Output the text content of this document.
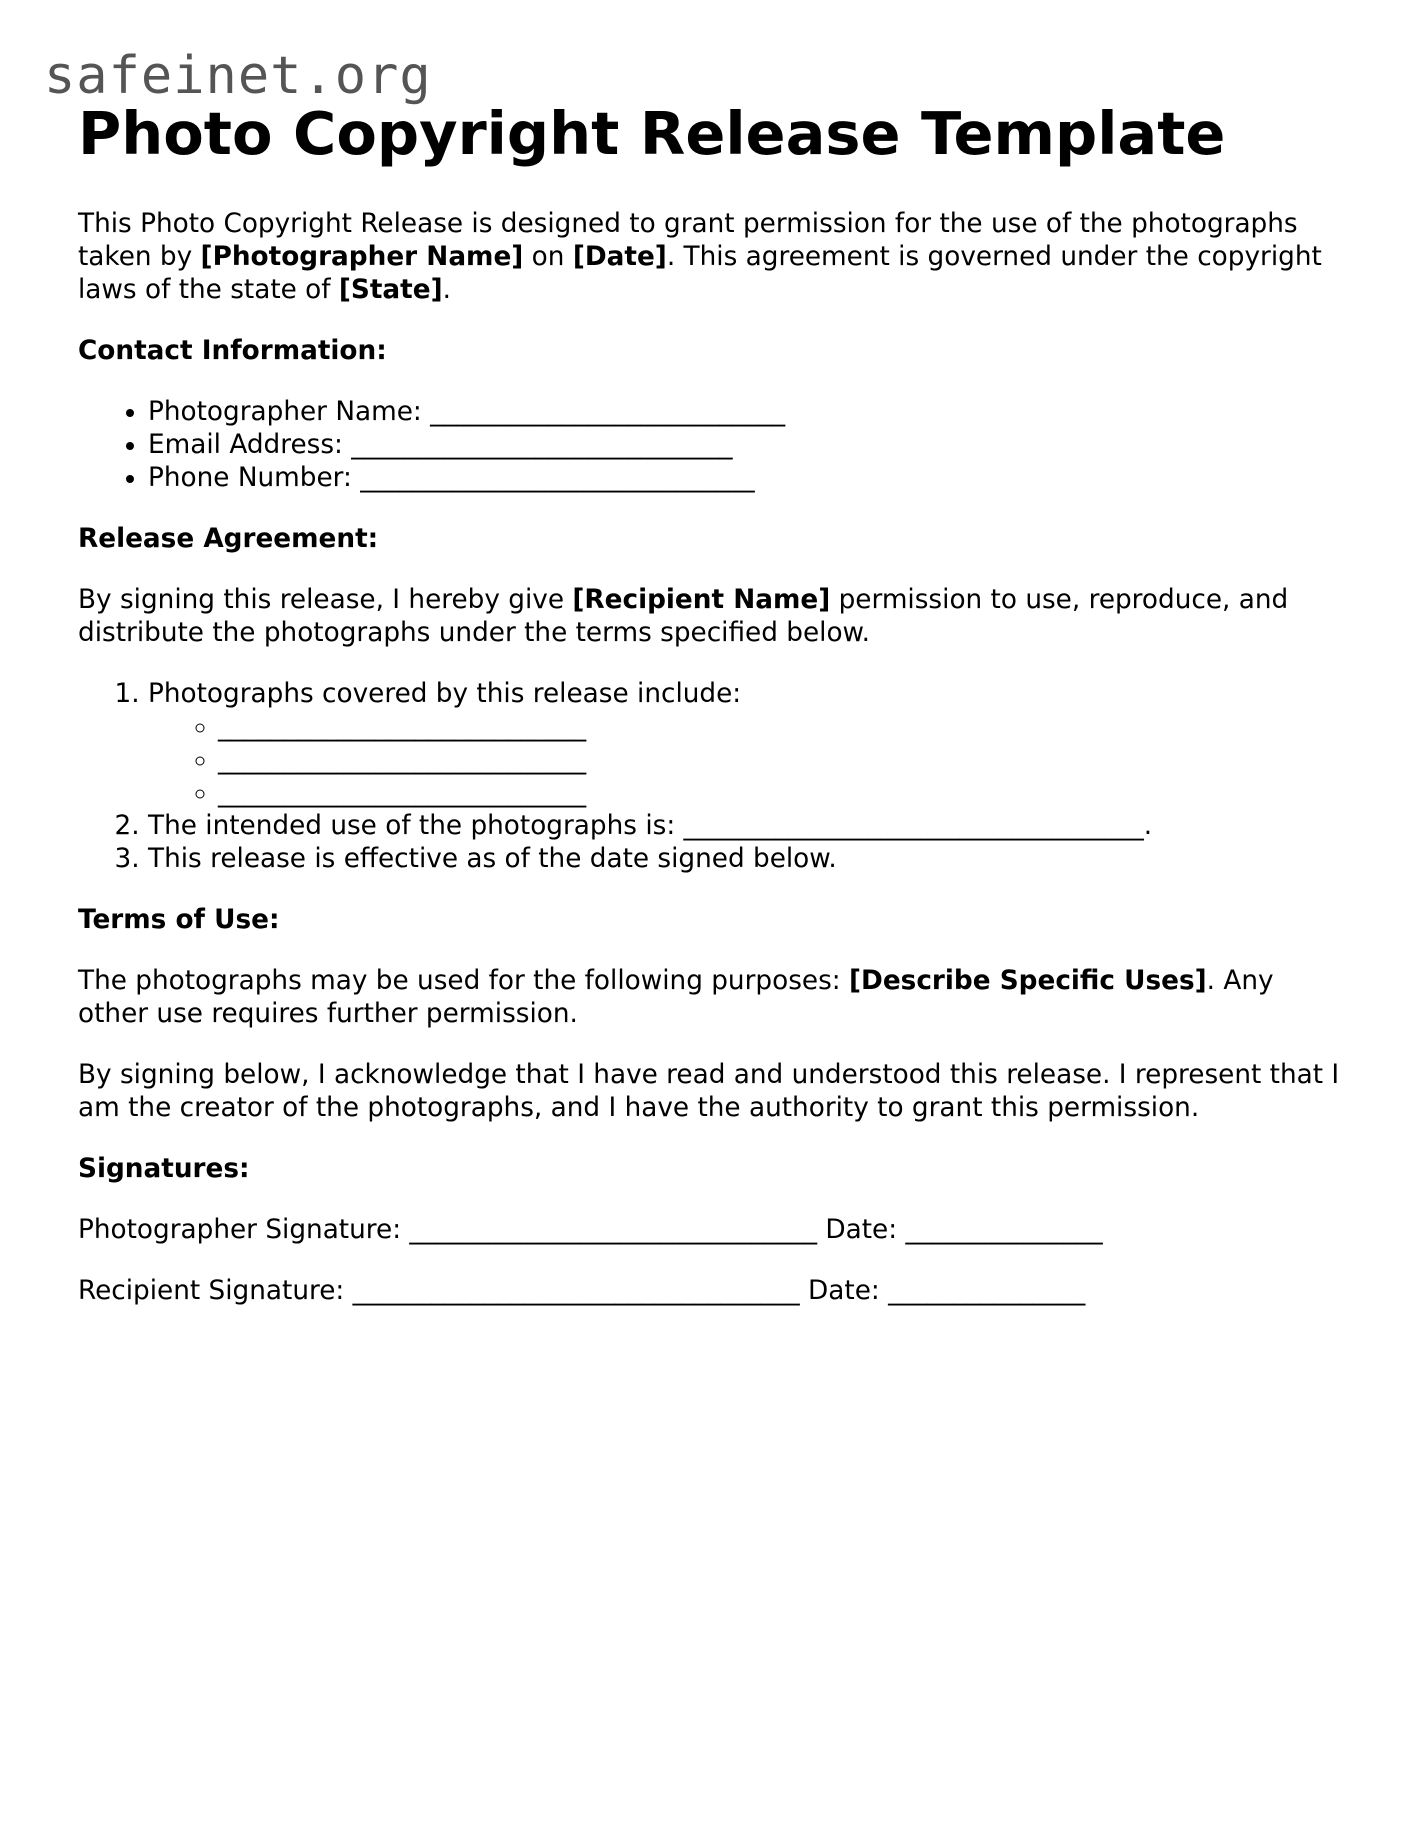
safeinet.org
Photo Copyright Release Template

This Photo Copyright Release is designed to grant permission for the use of the photographs taken by [Photographer Name] on [Date]. This agreement is governed under the copyright laws of the state of [State].

Contact Information:

• Photographer Name: ___________________________
• Email Address: _____________________________
• Phone Number: ______________________________

Release Agreement:

By signing this release, I hereby give [Recipient Name] permission to use, reproduce, and distribute the photographs under the terms specified below.

1. Photographs covered by this release include:
◦ ____________________________
◦ ____________________________
◦ ____________________________
2. The intended use of the photographs is: ___________________________________.
3. This release is effective as of the date signed below.

Terms of Use:

The photographs may be used for the following purposes: [Describe Specific Uses]. Any other use requires further permission.

By signing below, I acknowledge that I have read and understood this release. I represent that I am the creator of the photographs, and I have the authority to grant this permission.

Signatures:

Photographer Signature: _______________________________ Date: _______________

Recipient Signature: __________________________________ Date: _______________
